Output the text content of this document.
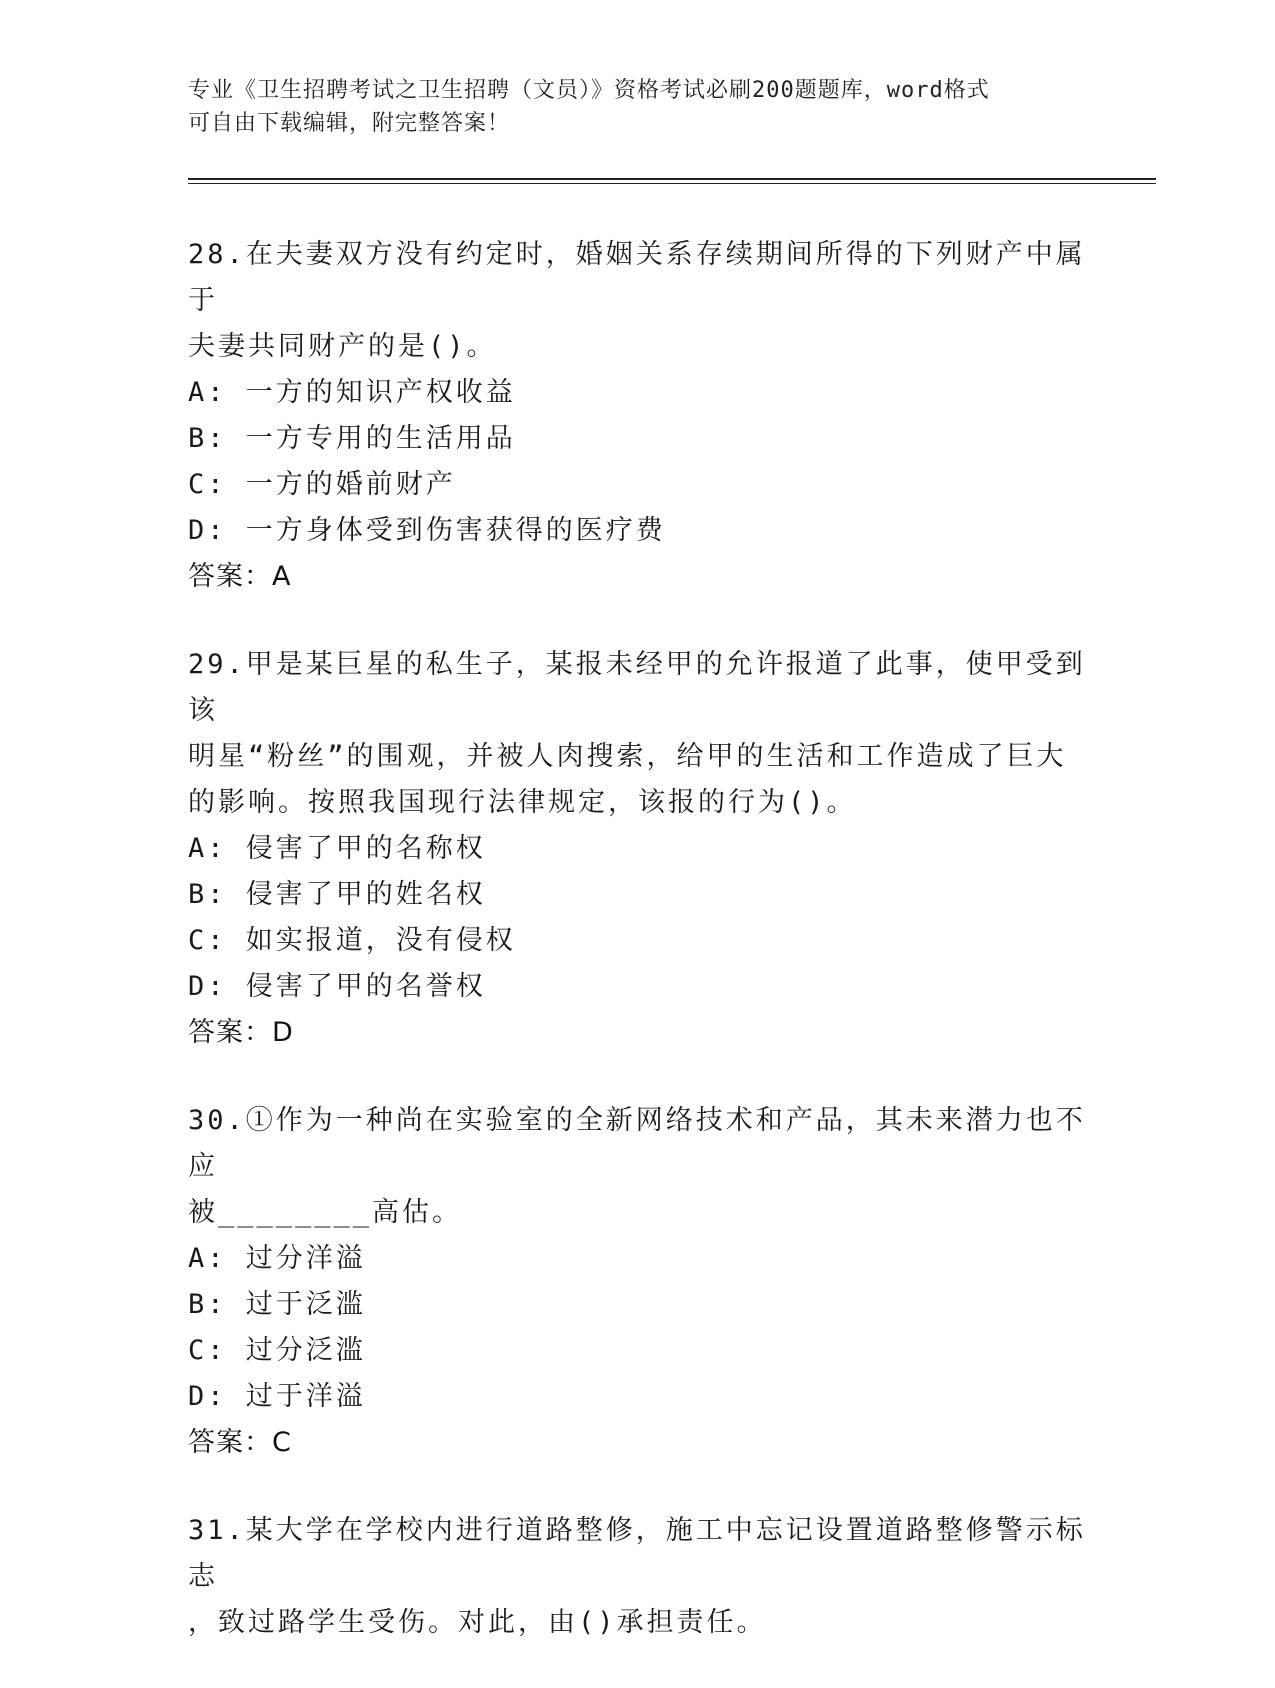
专业《卫生招聘考试之卫生招聘（文员）》资格考试必刷200题题库，word格式
可自由下载编辑，附完整答案！
28.在夫妻双方没有约定时，婚姻关系存续期间所得的下列财产中属于
夫妻共同财产的是()。
A: 一方的知识产权收益
B: 一方专用的生活用品
C: 一方的婚前财产
D: 一方身体受到伤害获得的医疗费
答案：A
29.甲是某巨星的私生子，某报未经甲的允许报道了此事，使甲受到该
明星“粉丝”的围观，并被人肉搜索，给甲的生活和工作造成了巨大
的影响。按照我国现行法律规定，该报的行为()。
A: 侵害了甲的名称权
B: 侵害了甲的姓名权
C: 如实报道，没有侵权
D: 侵害了甲的名誉权
答案：D
30.①作为一种尚在实验室的全新网络技术和产品，其未来潜力也不应
被________高估。
A: 过分洋溢
B: 过于泛滥
C: 过分泛滥
D: 过于洋溢
答案：C
31.某大学在学校内进行道路整修，施工中忘记设置道路整修警示标志
，致过路学生受伤。对此，由()承担责任。
